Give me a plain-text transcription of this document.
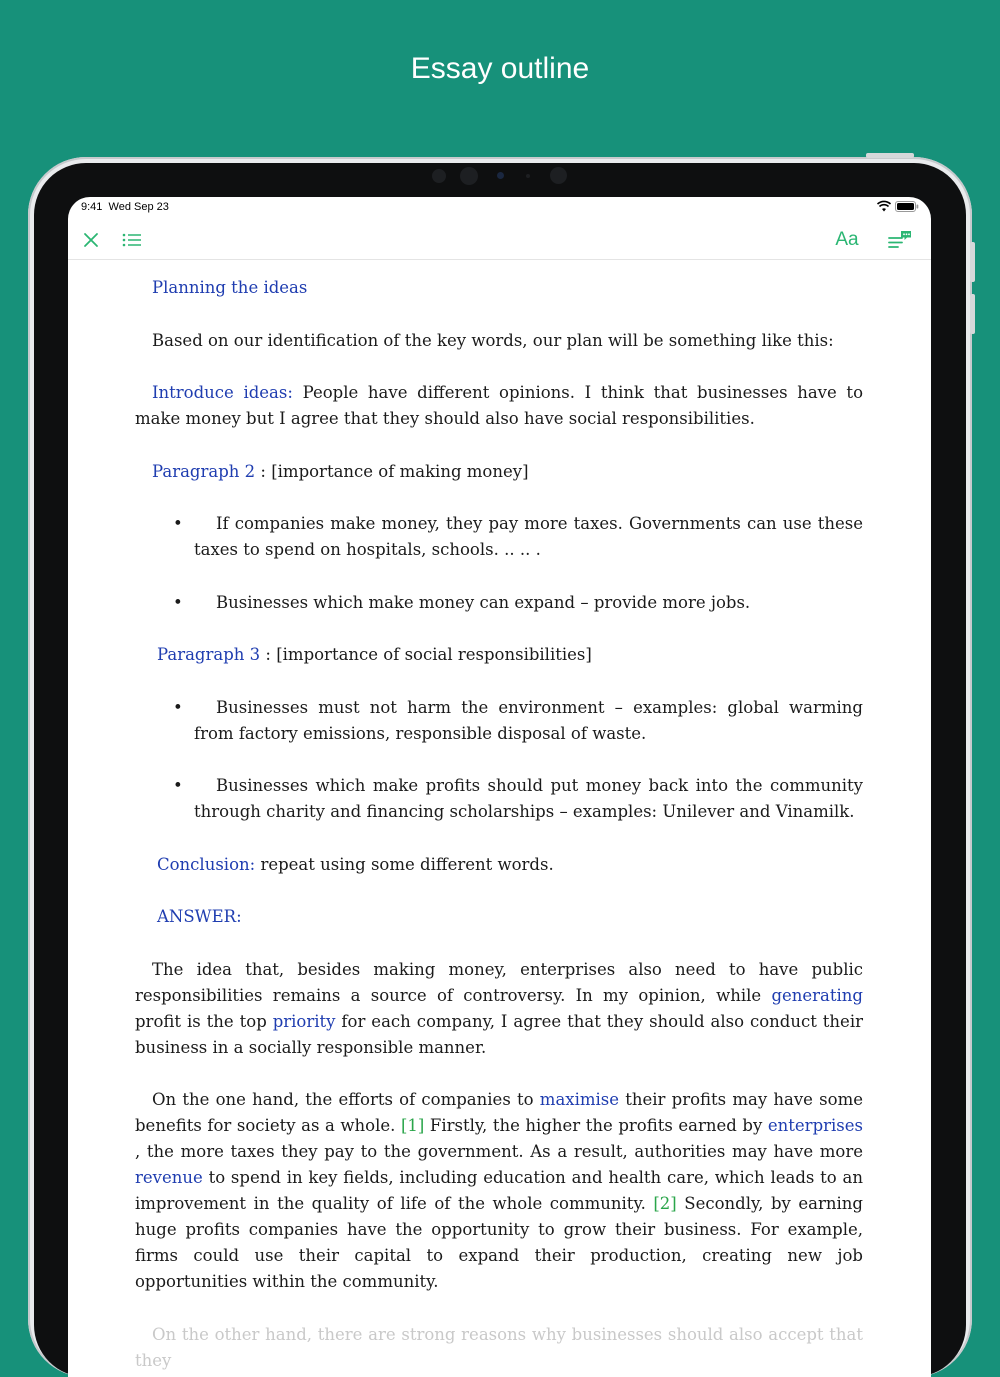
Essay outline
9:41 Wed Sep 23
Aa

Planning the ideas

Based on our identification of the key words, our plan will be something like this:

Introduce ideas: People have different opinions. I think that businesses have to make money but I agree that they should also have social responsibilities.

Paragraph 2 : [importance of making money]

• If companies make money, they pay more taxes. Governments can use these taxes to spend on hospitals, schools. .. .. .
• Businesses which make money can expand – provide more jobs.

Paragraph 3 : [importance of social responsibilities]

• Businesses must not harm the environment – examples: global warming from factory emissions, responsible disposal of waste.
• Businesses which make profits should put money back into the community through charity and financing scholarships – examples: Unilever and Vinamilk.

Conclusion: repeat using some different words.

ANSWER:

The idea that, besides making money, enterprises also need to have public responsibilities remains a source of controversy. In my opinion, while generating profit is the top priority for each company, I agree that they should also conduct their business in a socially responsible manner.

On the one hand, the efforts of companies to maximise their profits may have some benefits for society as a whole. [1] Firstly, the higher the profits earned by enterprises , the more taxes they pay to the government. As a result, authorities may have more revenue to spend in key fields, including education and health care, which leads to an improvement in the quality of life of the whole community. [2] Secondly, by earning huge profits companies have the opportunity to grow their business. For example, firms could use their capital to expand their production, creating new job opportunities within the community.

On the other hand, there are strong reasons why businesses should also accept that they
